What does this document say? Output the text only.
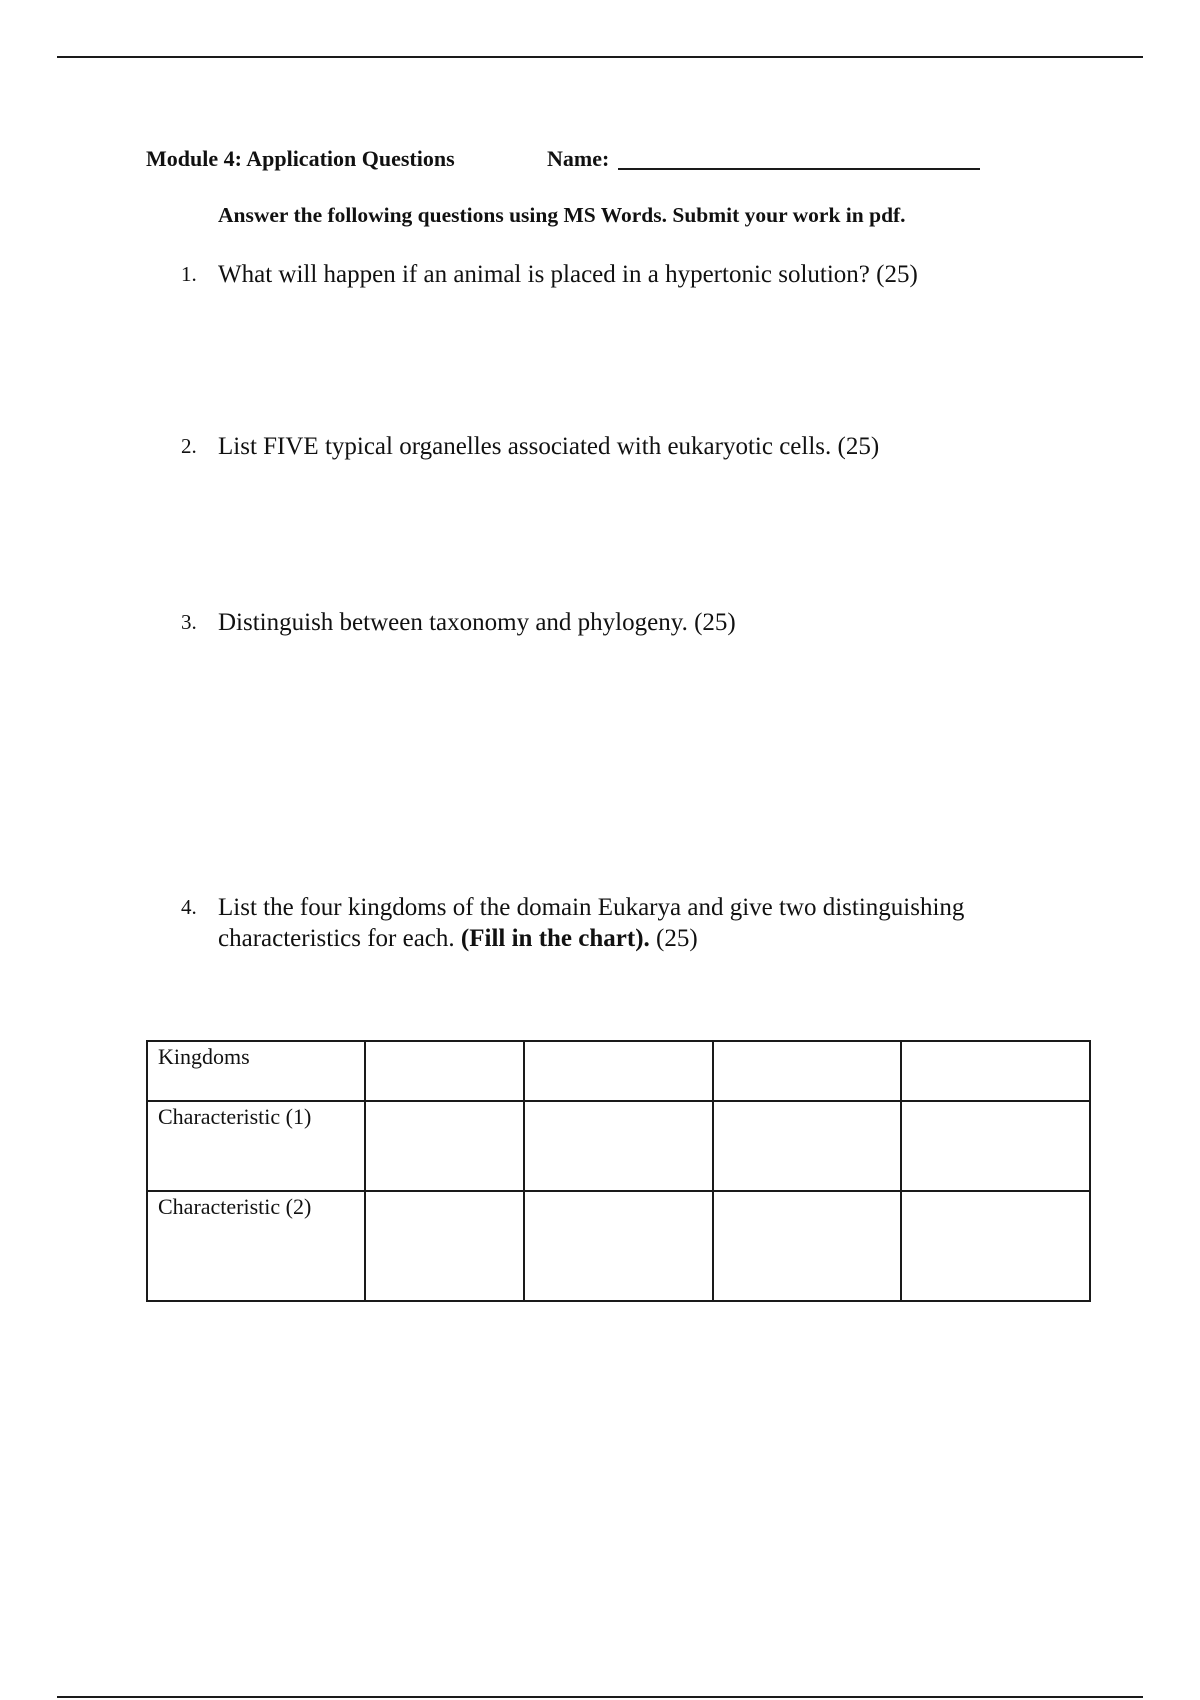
Module 4: Application Questions	Name:
Answer the following questions using MS Words. Submit your work in pdf.
1. What will happen if an animal is placed in a hypertonic solution? (25)
2. List FIVE typical organelles associated with eukaryotic cells. (25)
3. Distinguish between taxonomy and phylogeny. (25)
4. List the four kingdoms of the domain Eukarya and give two distinguishing
characteristics for each. (Fill in the chart). (25)
Kingdoms				
Characteristic (1)				
Characteristic (2)				
